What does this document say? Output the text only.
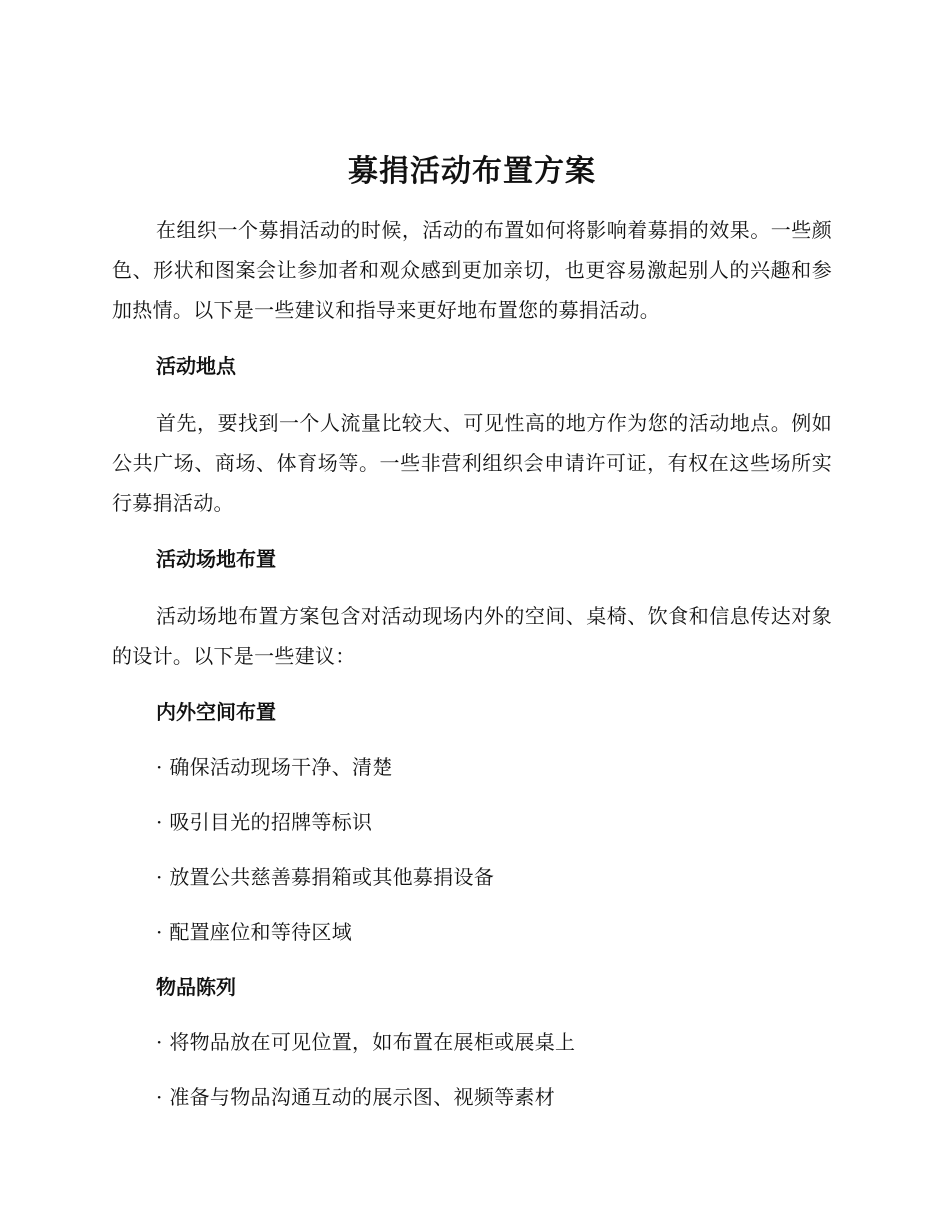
募捐活动布置方案

在组织一个募捐活动的时候，活动的布置如何将影响着募捐的效果。一些颜色、形状和图案会让参加者和观众感到更加亲切，也更容易激起别人的兴趣和参加热情。以下是一些建议和指导来更好地布置您的募捐活动。

活动地点

首先，要找到一个人流量比较大、可见性高的地方作为您的活动地点。例如公共广场、商场、体育场等。一些非营利组织会申请许可证，有权在这些场所实行募捐活动。

活动场地布置

活动场地布置方案包含对活动现场内外的空间、桌椅、饮食和信息传达对象的设计。以下是一些建议：

内外空间布置
· 确保活动现场干净、清楚
· 吸引目光的招牌等标识
· 放置公共慈善募捐箱或其他募捐设备
· 配置座位和等待区域
物品陈列
· 将物品放在可见位置，如布置在展柜或展桌上
· 准备与物品沟通互动的展示图、视频等素材
